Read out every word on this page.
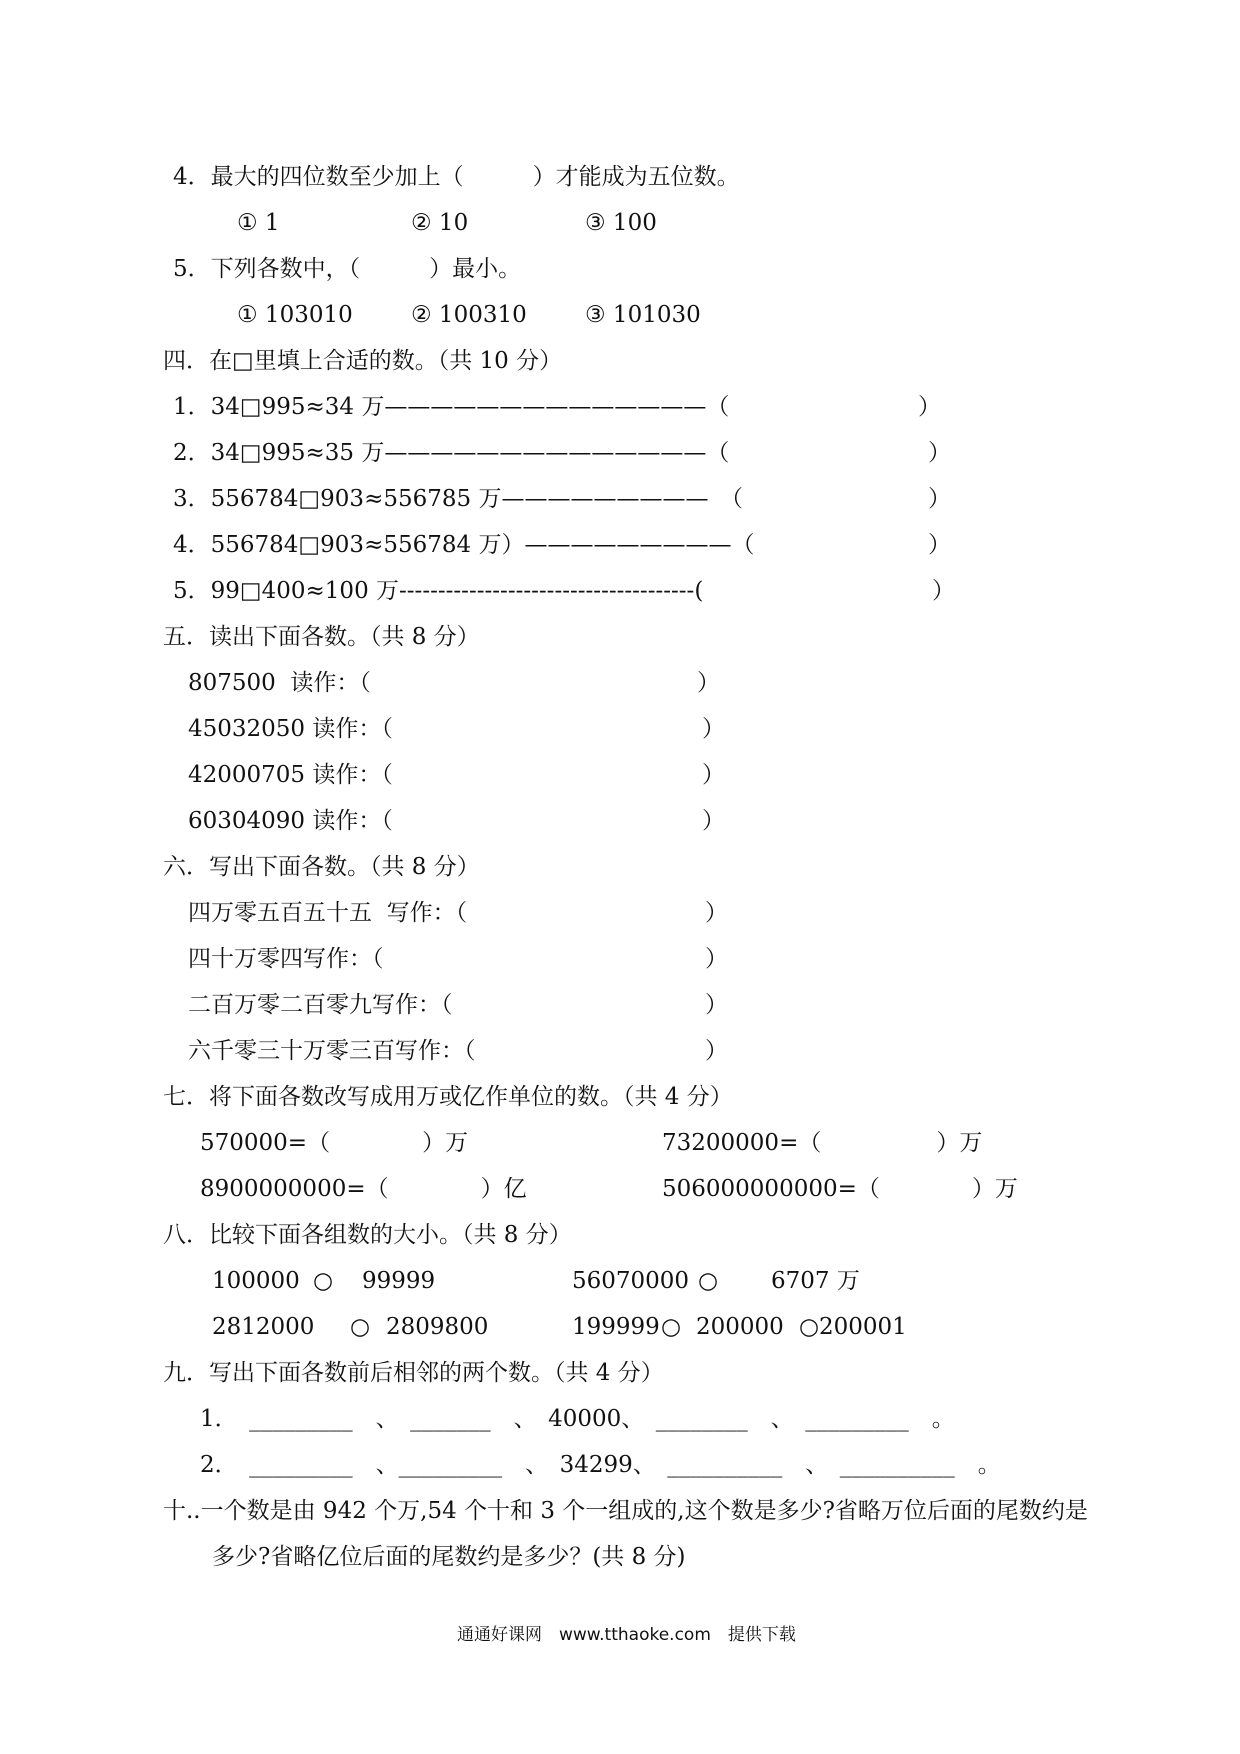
4．最大的四位数至少加上（　　　）才能成为五位数。
① 1	② 10	③ 100
5．下列各数中，（　　　）最小。
① 103010	② 100310	③ 101030
四．在□里填上合适的数。（共 10 分）
1．34□995≈34 万——————————————（	）
2．34□995≈35 万——————————————（	）
3．556784□903≈556785 万—————————　（	）
4．556784□903≈556784 万）—————————（	）
5．99□400≈100 万--------------------------------------(	）
五．读出下面各数。（共 8 分）
807500  读作：（	）
45032050 读作：（	）
42000705 读作：（	）
60304090 读作：（	）
六．写出下面各数。（共 8 分）
四万零五百五十五  写作：（	）
四十万零四写作：（	）
二百万零二百零九写作：（	）
六千零三十万零三百写作：（	）
七．将下面各数改写成用万或亿作单位的数。（共 4 分）
570000=（　　　　）万	73200000=（　　　　　）万
8900000000=（　　　　）亿	506000000000=（　　　　）万
八．比较下面各组数的大小。（共 8 分）
100000 ○ 99999	56070000 ○ 6707 万
2812000 ○ 2809800	199999 ○ 200000 ○ 200001
九．写出下面各数前后相邻的两个数。（共 4 分）
1．　_________　、　_______　、　40000、　________　、　_________　。
2．　_________　、_________　、　34299、　__________　、　__________　。
十..一个数是由 942 个万,54 个十和 3 个一组成的,这个数是多少?省略万位后面的尾数约是
多少?省略亿位后面的尾数约是多少？(共 8 分)
通通好课网　www.tthaoke.com　提供下载
